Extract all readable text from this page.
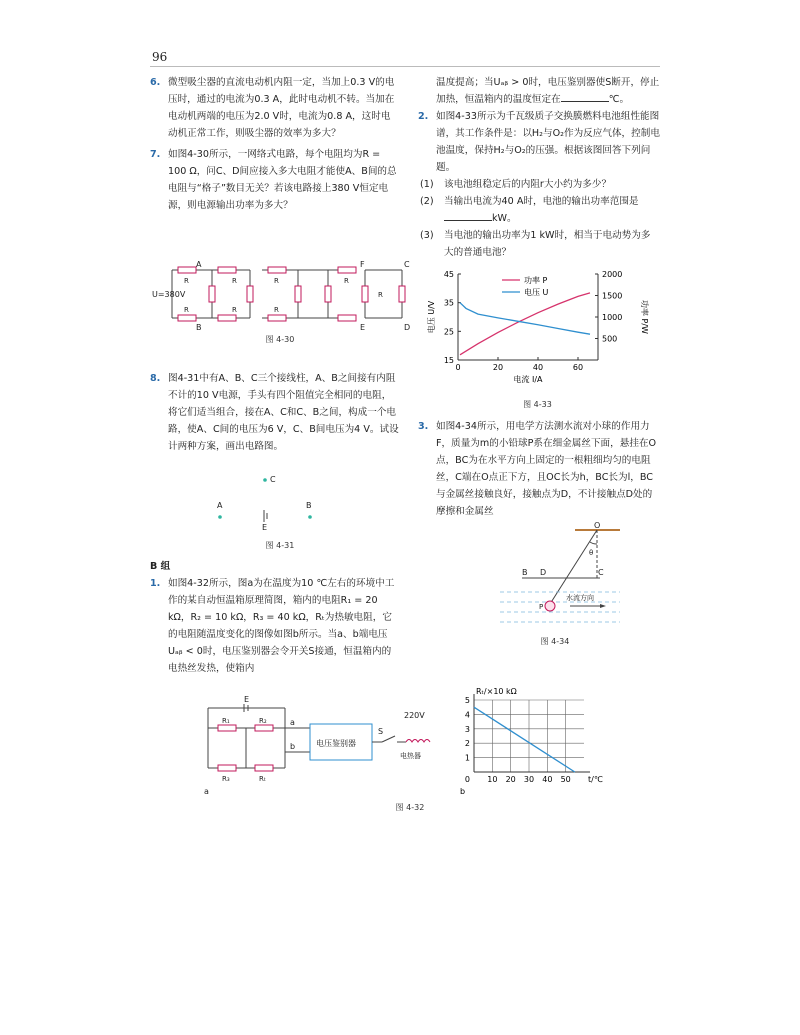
96

6. 微型吸尘器的直流电动机内阻一定，当加上0.3 V的电压时，通过的电流为0.3 A，此时电动机不转。当加在电动机两端的电压为2.0 V时，电流为0.8 A，这时电动机正常工作，则吸尘器的效率为多大？

7. 如图4-30所示，一网络式电路，每个电阻均为R = 100 Ω，问C、D间应接入多大电阻才能使A、B间的总电阻与“格子”数目无关？若该电路接上380 V恒定电源，则电源输出功率为多大？

U=380V
A
B
C
D
E
F
R	R	R	R
R
R	R	R
图 4-30

8. 图4-31中有A、B、C三个接线柱，A、B之间接有内阻不计的10 V电源，手头有四个阻值完全相同的电阻，将它们适当组合，接在A、C和C、B之间，构成一个电路，使A、C间的电压为6 V，C、B间电压为4 V。试设计两种方案，画出电路图。

C
A	B
E
图 4-31
B 组

1. 如图4-32所示，图a为在温度为10 ℃左右的环境中工作的某自动恒温箱原理简图，箱内的电阻R₁ = 20 kΩ，R₂ = 10 kΩ，R₃ = 40 kΩ，Rₜ为热敏电阻，它的电阻随温度变化的图像如图b所示。当a、b端电压Uₐᵦ < 0时，电压鉴别器会令开关S接通，恒温箱内的电热丝发热，使箱内

温度提高；当Uₐᵦ > 0时，电压鉴别器使S断开，停止加热，恒温箱内的温度恒定在	℃。

2. 如图4-33所示为千瓦级质子交换膜燃料电池组性能图谱，其工作条件是：以H₂与O₂作为反应气体，控制电池温度，保持H₂与O₂的压强。根据该图回答下列问题。

(1) 该电池组稳定后的内阻r大小约为多少？

(2) 当输出电流为40 A时，电池的输出功率范围是kW。

(3) 当电池的输出功率为1 kW时，相当于电动势为多大的普通电池？

15
25
35
45
500
1000
1500
2000
0	20	40	60
电流 I/A
电压 U/V	功率 P/W
功率 P
电压 U
图 4-33

3. 如图4-34所示，用电学方法测水流对小球的作用力F，质量为m的小铅球P系在细金属丝下面，悬挂在O点，BC为在水平方向上固定的一根粗细均匀的电阻丝，C端在O点正下方，且OC长为h，BC长为l，BC与金属丝接触良好，接触点为D，不计接触点D处的摩擦和金属丝

O
θ
B D	C
P
水流方向
图 4-34
E
R₁	R₂
R₃	Rₜ
a
b	电压鉴别器
S
220V
电热器
a
1
2
3
4
5
10 20 30 40 50
0
Rₜ/×10 kΩ
t/℃
b
图 4-32
